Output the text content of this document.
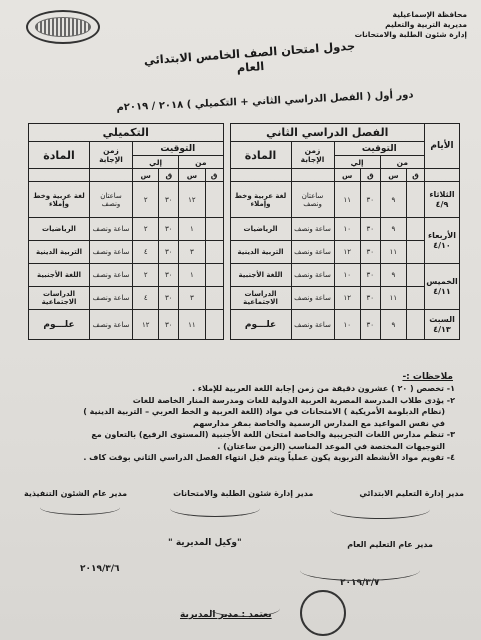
محافظة الإسماعيلية
مديرية التربية والتعليم
إدارة شئون الطلبة والامتحانات
جدول امتحان الصف الخامس الابتدائي العام
دور أول ( الفصل الدراسي الثاني + التكميلي ) ٢٠١٨ / ٢٠١٩م
الأيام	الفصل الدراسي الثاني							التكميلي					
	التوقيت				زمن الإجابة	المادة		التوقيت				زمن الإجابة	المادة
	من		إلي					من		إلي			
	ق	س	ق	س				ق	س	ق	س		

الثلاثاء
٤/٩		٩	٣٠	١١	ساعتان ونصف	لغة عربية وخط وإملاء			١٢	٣٠	٢	ساعتان ونصف	لغة عربية وخط وإملاء

الأربعاء
٤/١٠		٩	٣٠	١٠	ساعة ونصف	الرياضيات			١	٣٠	٢	ساعة ونصف	الرياضيات
		١١	٣٠	١٢	ساعة ونصف	التربية الدينية			٣	٣٠	٤	ساعة ونصف	التربية الدينية

الخميس
٤/١١		٩	٣٠	١٠	ساعة ونصف	اللغة الأجنبية			١	٣٠	٢	ساعة ونصف	اللغة الأجنبية
		١١	٣٠	١٢	ساعة ونصف	الدراسات الاجتماعية			٣	٣٠	٤	ساعة ونصف	الدراسات الاجتماعية

السبت
٤/١٣		٩	٣٠	١٠	ساعة ونصف	علـــوم			١١	٣٠	١٢	ساعة ونصف	علـــوم
ملاحظات :-
١- تخصص ( ٢٠ ) عشرون دقيقة من زمن إجابة اللغة العربية للإملاء .
٢- يؤدى طلاب المدرسة المصرية العربية الدولية للغات ومدرسة المنار الخاصة للغات
(نظام الدبلومة الأمريكية ) الامتحانات في مواد (اللغة العربية و الخط العربي – التربية الدينية )
في نفس المواعيد مع المدارس الرسمية والخاصة بمقر مدارسهم
٣- تنظم مدارس اللغات التجريبية والخاصة امتحان اللغة الأجنبية (المستوى الرفيع) بالتعاون مع
التوجيهات المختصة في الموعد المناسب (الزمن ساعتان) .
٤- تقويم مواد الأنشطة التربوية يكون عملياً ويتم قبل انتهاء الفصل الدراسي الثاني بوقت كاف .
مدير إدارة التعليم الابتدائي
مدير إدارة شئون الطلبة والامتحانات
مدير عام الشئون التنفيذية
"وكيل المديرية "	مدير عام التعليم العام
٢٠١٩/٣/٦
٢٠١٩/٣/٧
يعتمد : مدير المديرية
